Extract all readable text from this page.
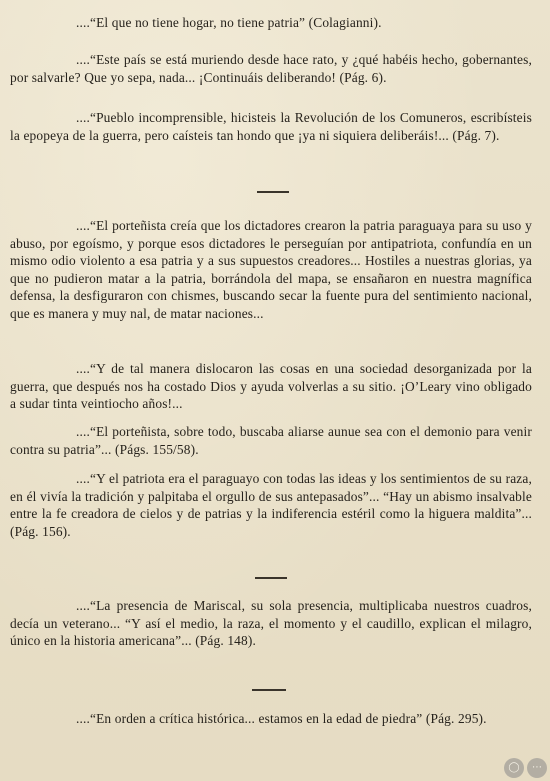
....“El que no tiene hogar, no tiene patria” (Colagianni).

....“Este país se está muriendo desde hace rato, y ¿qué habéis hecho, gobernantes, por salvarle? Que yo sepa, nada... ¡Continuáis deliberando! (Pág. 6).

....“Pueblo incomprensible, hicisteis la Revolución de los Comuneros, escribísteis la epopeya de la guerra, pero caísteis tan hondo que ¡ya ni siquiera deliberáis!... (Pág. 7).

....“El porteñista creía que los dictadores crearon la patria paraguaya para su uso y abuso, por egoísmo, y porque esos dictadores le perseguían por antipatriota, confundía en un mismo odio violento a esa patria y a sus supuestos creadores... Hostiles a nuestras glorias, ya que no pudieron matar a la patria, borrándola del mapa, se ensañaron en nuestra magnífica defensa, la desfiguraron con chismes, buscando secar la fuente pura del sentimiento nacional, que es manera y muy nal, de matar naciones...

....“Y de tal manera dislocaron las cosas en una sociedad desorganizada por la guerra, que después nos ha costado Dios y ayuda volverlas a su sitio. ¡O’Leary vino obligado a sudar tinta veintiocho años!...

....“El porteñista, sobre todo, buscaba aliarse aunue sea con el demonio para venir contra su patria”... (Págs. 155/58).

....“Y el patriota era el paraguayo con todas las ideas y los sentimientos de su raza, en él vivía la tradición y palpitaba el orgullo de sus antepasados”... “Hay un abismo insalvable entre la fe creadora de cielos y de patrias y la indiferencia estéril como la higuera maldita”... (Pág. 156).

....“La presencia de Mariscal, su sola presencia, multiplicaba nuestros cuadros, decía un veterano... “Y así el medio, la raza, el momento y el caudillo, explican el milagro, único en la historia americana”... (Pág. 148).

....“En orden a crítica histórica... estamos en la edad de piedra” (Pág. 295).

◯	⋯
